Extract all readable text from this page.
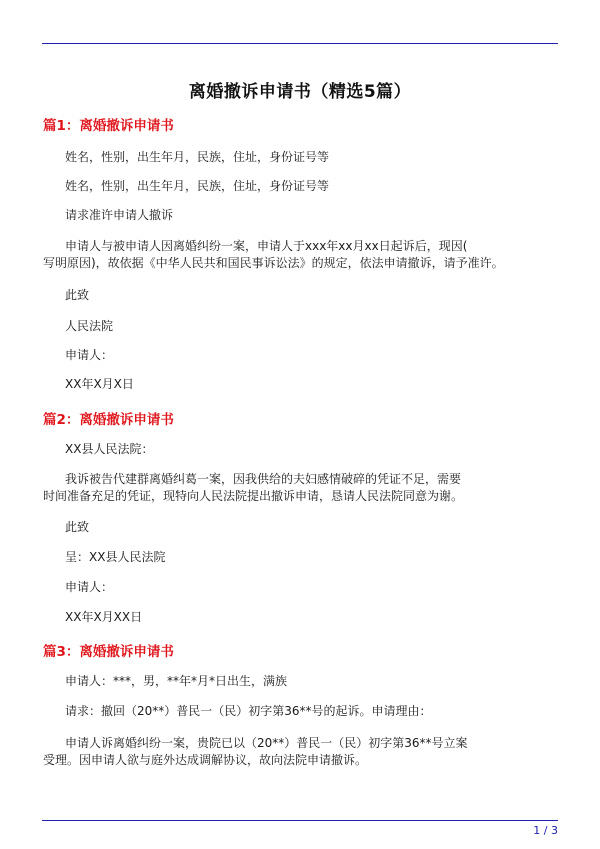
离婚撤诉申请书（精选5篇）
篇1：离婚撤诉申请书
姓名，性别，出生年月，民族，住址，身份证号等
姓名，性别，出生年月，民族，住址，身份证号等
请求准许申请人撤诉
申请人与被申请人因离婚纠纷一案，申请人于xxx年xx月xx日起诉后，现因(
写明原因)，故依据《中华人民共和国民事诉讼法》的规定，依法申请撤诉，请予准许。
此致
人民法院
申请人：
XX年X月X日
篇2：离婚撤诉申请书
XX县人民法院：
我诉被告代建群离婚纠葛一案，因我供给的夫妇感情破碎的凭证不足，需要
时间准备充足的凭证，现特向人民法院提出撤诉申请，恳请人民法院同意为谢。
此致
呈：XX县人民法院
申请人：
XX年X月XX日
篇3：离婚撤诉申请书
申请人：***，男，**年*月*日出生，满族
请求：撤回（20**）普民一（民）初字第36**号的起诉。申请理由：
申请人诉离婚纠纷一案，贵院已以（20**）普民一（民）初字第36**号立案
受理。因申请人欲与庭外达成调解协议，故向法院申请撤诉。
1 / 3
